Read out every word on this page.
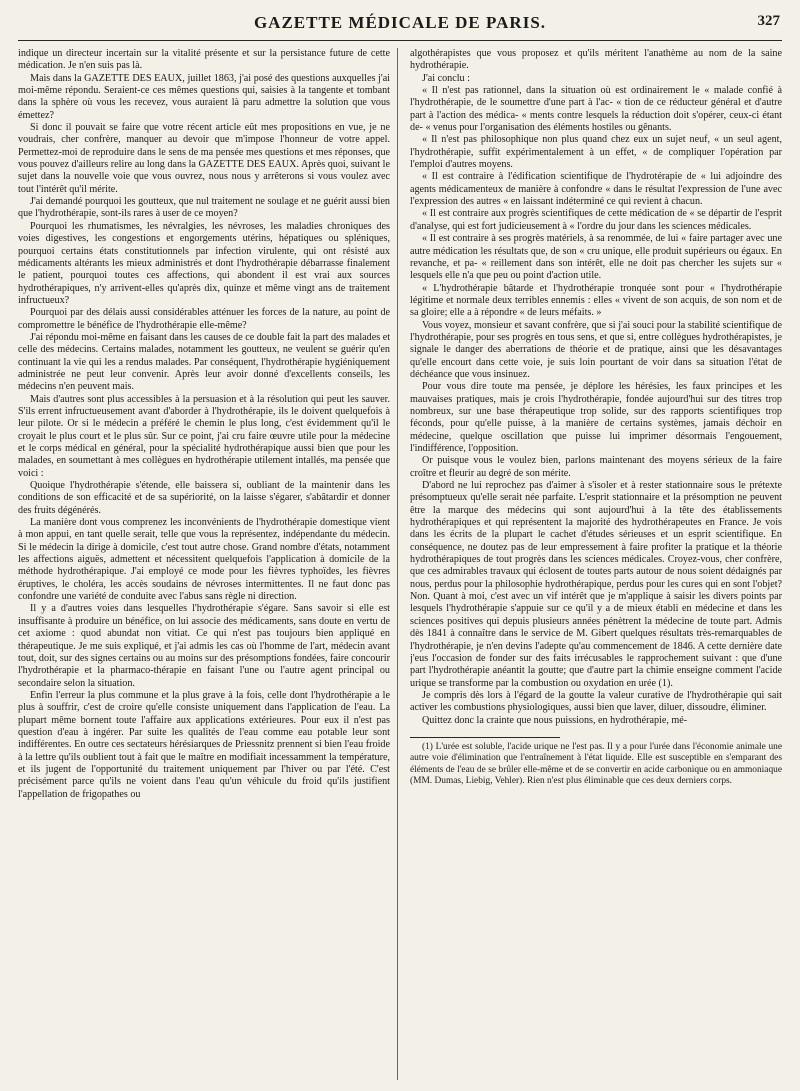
GAZETTE MÉDICALE DE PARIS.	327

indique un directeur incertain sur la vitalité présente et sur la persistance future de cette médication. Je n'en suis pas là.

Mais dans la GAZETTE DES EAUX, juillet 1863, j'ai posé des questions auxquelles j'ai moi-même répondu. Seraient-ce ces mêmes questions qui, saisies à la tangente et tombant dans la sphère où vous les recevez, vous auraient là paru admettre la solution que vous émettez?

Si donc il pouvait se faire que votre récent article eût mes propositions en vue, je ne voudrais, cher confrère, manquer au devoir que m'impose l'honneur de votre appel. Permettez-moi de reproduire dans le sens de ma pensée mes questions et mes réponses, que vous pouvez d'ailleurs relire au long dans la GAZETTE DES EAUX. Après quoi, suivant le sujet dans la nouvelle voie que vous ouvrez, nous nous y arrêterons si vous voulez avec tout l'intérêt qu'il mérite.

J'ai demandé pourquoi les goutteux, que nul traitement ne soulage et ne guérit aussi bien que l'hydrothérapie, sont-ils rares à user de ce moyen?

Pourquoi les rhumatismes, les névralgies, les névroses, les maladies chroniques des voies digestives, les congestions et engorgements utérins, hépatiques ou spléniques, pourquoi certains états constitutionnels par infection virulente, qui ont résisté aux médicaments altérants les mieux administrés et dont l'hydrothérapie débarrasse finalement le patient, pourquoi toutes ces affections, qui abondent il est vrai aux sources hydrothérapiques, n'y arrivent-elles qu'après dix, quinze et même vingt ans de traitement infructueux?

Pourquoi par des délais aussi considérables atténuer les forces de la nature, au point de compromettre le bénéfice de l'hydrothérapie elle-même?

J'ai répondu moi-même en faisant dans les causes de ce double fait la part des malades et celle des médecins. Certains malades, notamment les goutteux, ne veulent se guérir qu'en continuant la vie qui les a rendus malades. Par conséquent, l'hydrothérapie hygiéniquement administrée ne peut leur convenir. Après leur avoir donné d'excellents conseils, les médecins n'en peuvent mais.

Mais d'autres sont plus accessibles à la persuasion et à la résolution qui peut les sauver. S'ils errent infructueusement avant d'aborder à l'hydrothérapie, ils le doivent quelquefois à leur pilote. Or si le médecin a préféré le chemin le plus long, c'est évidemment qu'il le croyait le plus court et le plus sûr. Sur ce point, j'ai cru faire œuvre utile pour la médecine et le corps médical en général, pour la spécialité hydrothérapique aussi bien que pour les malades, en soumettant à mes collègues en hydrothérapie utilement intallés, ma pensée que voici :

Quoique l'hydrothérapie s'étende, elle baissera si, oubliant de la maintenir dans les conditions de son efficacité et de sa supériorité, on la laisse s'égarer, s'abâtardir et donner des fruits dégénérés.

La manière dont vous comprenez les inconvénients de l'hydrothérapie domestique vient à mon appui, en tant quelle serait, telle que vous la représentez, indépendante du médecin. Si le médecin la dirige à domicile, c'est tout autre chose. Grand nombre d'états, notamment les affections aiguës, admettent et nécessitent quelquefois l'application à domicile de la méthode hydrothérapique. J'ai employé ce mode pour les fièvres typhoïdes, les fièvres éruptives, le choléra, les accès soudains de névroses intermittentes. Il ne faut donc pas confondre une variété de conduite avec l'abus sans règle ni direction.

Il y a d'autres voies dans lesquelles l'hydrothérapie s'égare. Sans savoir si elle est insuffisante à produire un bénéfice, on lui associe des médicaments, sans doute en vertu de cet axiome : quod abundat non vitiat. Ce qui n'est pas toujours bien appliqué en thérapeutique. Je me suis expliqué, et j'ai admis les cas où l'homme de l'art, médecin avant tout, doit, sur des signes certains ou au moins sur des présomptions fondées, faire concourir l'hydrothérapie et la pharmaco-thérapie en faisant l'une ou l'autre agent principal ou secondaire selon la situation.

Enfin l'erreur la plus commune et la plus grave à la fois, celle dont l'hydrothérapie a le plus à souffrir, c'est de croire qu'elle consiste uniquement dans l'application de l'eau. La plupart même bornent toute l'affaire aux applications extérieures. Pour eux il n'est pas question d'eau à ingérer. Par suite les qualités de l'eau comme eau potable leur sont indifférentes. En outre ces sectateurs hérésiarques de Priessnitz prennent si bien l'eau froide à la lettre qu'ils oublient tout à fait que le maître en modifiait incessamment la température, et ils jugent de l'opportunité du traitement uniquement par l'hiver ou par l'été. C'est précisément parce qu'ils ne voient dans l'eau qu'un véhicule du froid qu'ils justifient l'appellation de frigopathes ou

algothérapistes que vous proposez et qu'ils méritent l'anathème au nom de la saine hydrothérapie.

J'ai conclu :

« Il n'est pas rationnel, dans la situation où est ordinairement le « malade confié à l'hydrothérapie, de le soumettre d'une part à l'ac- « tion de ce réducteur général et d'autre part à l'action des médica- « ments contre lesquels la réduction doit s'opérer, ceux-ci étant de- « venus pour l'organisation des éléments hostiles ou gênants.

« Il n'est pas philosophique non plus quand chez eux un sujet neuf, « un seul agent, l'hydrothérapie, suffit expérimentalement à un effet, « de compliquer l'opération par l'emploi d'autres moyens.

« Il est contraire à l'édification scientifique de l'hydrotérapie de « lui adjoindre des agents médicamenteux de manière à confondre « dans le résultat l'expression de l'une avec l'expression des autres « en laissant indéterminé ce qui revient à chacun.

« Il est contraire aux progrès scientifiques de cette médication de « se départir de l'esprit d'analyse, qui est fort judicieusement à « l'ordre du jour dans les sciences médicales.

« Il est contraire à ses progrès matériels, à sa renommée, de lui « faire partager avec une autre médication les résultats que, de son « cru unique, elle produit supérieurs ou égaux. En revanche, et pa- « reillement dans son intérêt, elle ne doit pas chercher les sujets sur « lesquels elle n'a que peu ou point d'action utile.

« L'hydrothérapie bâtarde et l'hydrothérapie tronquée sont pour « l'hydrothérapie légitime et normale deux terribles ennemis : elles « vivent de son acquis, de son nom et de sa gloire; elle a à répondre « de leurs méfaits. »

Vous voyez, monsieur et savant confrère, que si j'ai souci pour la stabilité scientifique de l'hydrothérapie, pour ses progrès en tous sens, et que si, entre collègues hydrothérapistes, je signale le danger des aberrations de théorie et de pratique, ainsi que les désavantages qu'elle encourt dans cette voie, je suis loin pourtant de voir dans sa situation l'état de déchéance que vous insinuez.

Pour vous dire toute ma pensée, je déplore les hérésies, les faux principes et les mauvaises pratiques, mais je crois l'hydrothérapie, fondée aujourd'hui sur des titres trop nombreux, sur une base thérapeutique trop solide, sur des rapports scientifiques trop féconds, pour qu'elle puisse, à la manière de certains systèmes, jamais déchoir en médecine, quelque oscillation que puisse lui imprimer désormais l'engouement, l'indifférence, l'opposition.

Or puisque vous le voulez bien, parlons maintenant des moyens sérieux de la faire croître et fleurir au degré de son mérite.

D'abord ne lui reprochez pas d'aimer à s'isoler et à rester stationnaire sous le prétexte présomptueux qu'elle serait née parfaite. L'esprit stationnaire et la présomption ne peuvent être la marque des médecins qui sont aujourd'hui à la tête des établissements hydrothérapiques et qui représentent la majorité des hydrothérapeutes en France. Je vois dans les écrits de la plupart le cachet d'études sérieuses et un esprit scientifique. En conséquence, ne doutez pas de leur empressement à faire profiter la pratique et la théorie hydrothérapiques de tout progrès dans les sciences médicales. Croyez-vous, cher confrère, que ces admirables travaux qui éclosent de toutes parts autour de nous soient dédaignés par nous, perdus pour la philosophie hydrothérapique, perdus pour les cures qui en sont l'objet? Non. Quant à moi, c'est avec un vif intérêt que je m'applique à saisir les divers points par lesquels l'hydrothérapie s'appuie sur ce qu'il y a de mieux établi en médecine et dans les sciences positives qui depuis plusieurs années pénètrent la médecine de toute part. Admis dès 1841 à connaître dans le service de M. Gibert quelques résultats très-remarquables de l'hydrothérapie, je n'en devins l'adepte qu'au commencement de 1846. A cette dernière date j'eus l'occasion de fonder sur des faits irrécusables le rapprochement suivant : que d'une part l'hydrothérapie anéantit la goutte; que d'autre part la chimie enseigne comment l'acide urique se transforme par la combustion ou oxydation en urée (1).

Je compris dès lors à l'égard de la goutte la valeur curative de l'hydrothérapie qui sait activer les combustions physiologiques, aussi bien que laver, diluer, dissoudre, éliminer.

Quittez donc la crainte que nous puissions, en hydrothérapie, mé-

(1) L'urée est soluble, l'acide urique ne l'est pas. Il y a pour l'urée dans l'économie animale une autre voie d'élimination que l'entraînement à l'état liquide. Elle est susceptible en s'emparant des éléments de l'eau de se brûler elle-même et de se convertir en acide carbonique ou en ammoniaque (MM. Dumas, Liebig, Vehler). Rien n'est plus éliminable que ces deux derniers corps.
